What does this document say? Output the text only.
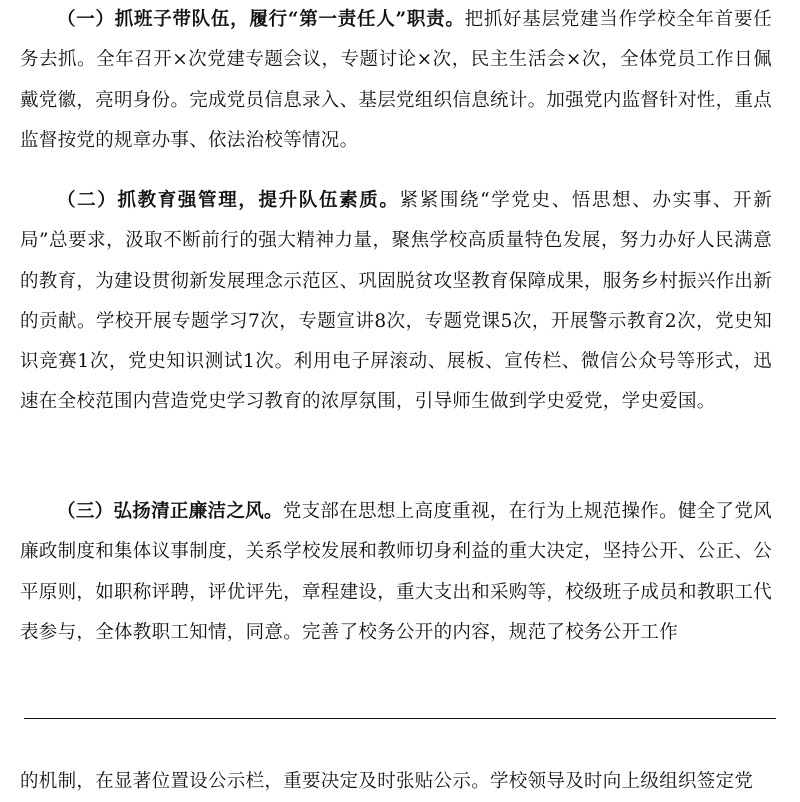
（一）抓班子带队伍，履行“第一责任人”职责。把抓好基层党建当作学校全年首要任务去抓。全年召开×次党建专题会议，专题讨论×次，民主生活会×次，全体党员工作日佩戴党徽，亮明身份。完成党员信息录入、基层党组织信息统计。加强党内监督针对性，重点监督按党的规章办事、依法治校等情况。

（二）抓教育强管理，提升队伍素质。紧紧围绕“学党史、悟思想、办实事、开新局”总要求，汲取不断前行的强大精神力量，聚焦学校高质量特色发展，努力办好人民满意的教育，为建设贯彻新发展理念示范区、巩固脱贫攻坚教育保障成果，服务乡村振兴作出新的贡献。学校开展专题学习7次，专题宣讲8次，专题党课5次，开展警示教育2次，党史知识竞赛1次，党史知识测试1次。利用电子屏滚动、展板、宣传栏、微信公众号等形式，迅速在全校范围内营造党史学习教育的浓厚氛围，引导师生做到学史爱党，学史爱国。

（三）弘扬清正廉洁之风。党支部在思想上高度重视，在行为上规范操作。健全了党风廉政制度和集体议事制度，关系学校发展和教师切身利益的重大决定，坚持公开、公正、公平原则，如职称评聘，评优评先，章程建设，重大支出和采购等，校级班子成员和教职工代表参与，全体教职工知情，同意。完善了校务公开的内容，规范了校务公开工作

的机制，在显著位置设公示栏，重要决定及时张贴公示。学校领导及时向上级组织签定党
